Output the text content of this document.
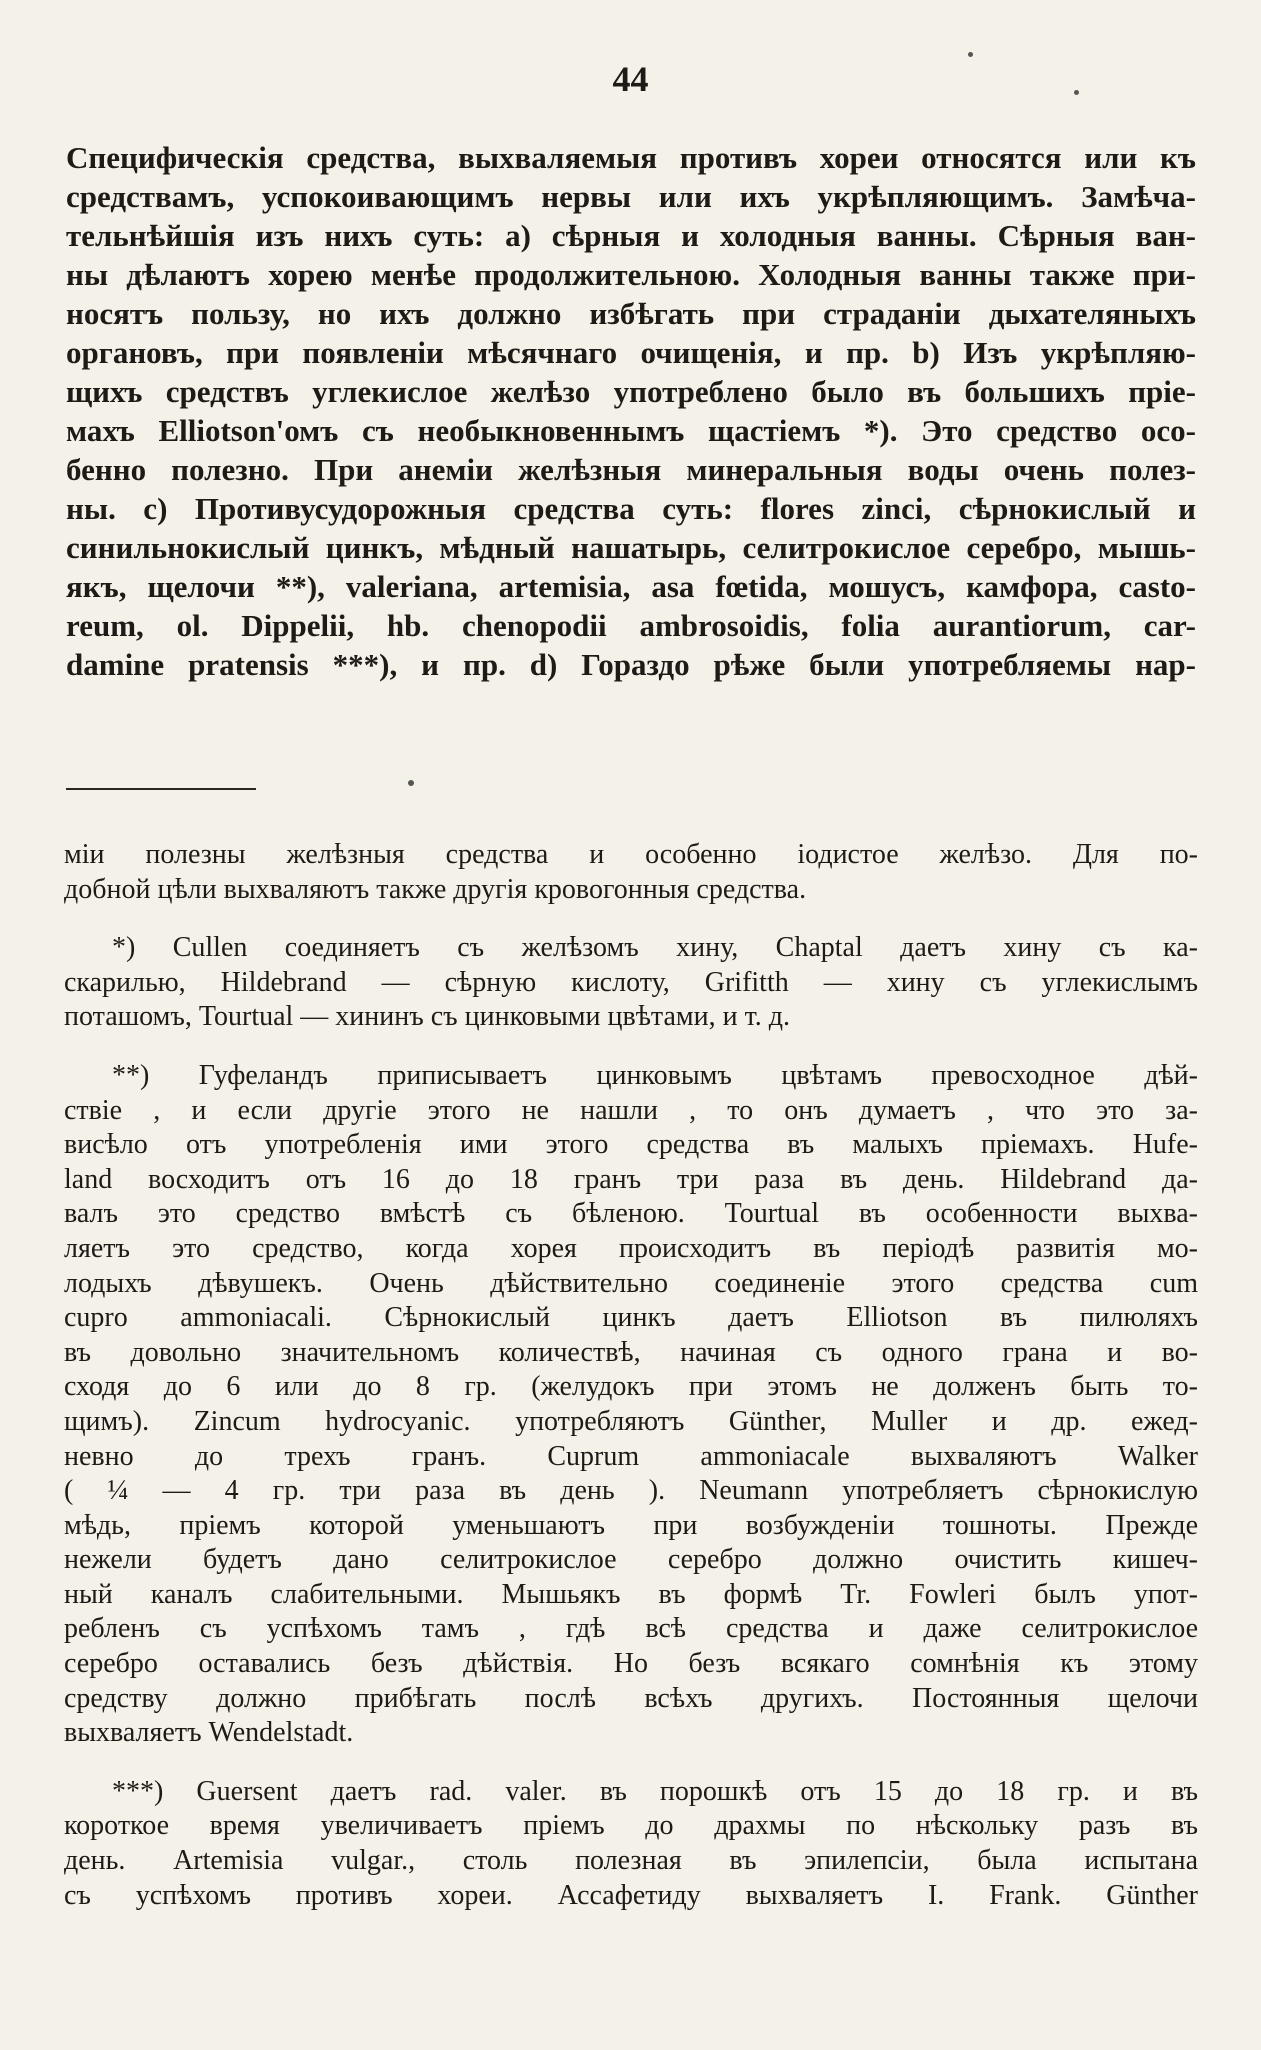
44
Специфическія средства, выхваляемыя противъ хореи относятся или къ
средствамъ, успокоивающимъ нервы или ихъ укрѣпляющимъ. Замѣча-
тельнѣйшія изъ нихъ суть: a) сѣрныя и холодныя ванны. Сѣрныя ван-
ны дѣлаютъ хорею менѣе продолжительною. Холодныя ванны также при-
носятъ пользу, но ихъ должно избѣгать при страданіи дыхателяныхъ
органовъ, при появленіи мѣсячнаго очищенія, и пр. b) Изъ укрѣпляю-
щихъ средствъ углекислое желѣзо употреблено было въ большихъ пріе-
махъ Elliotson'омъ съ необыкновеннымъ щастіемъ *). Это средство осо-
бенно полезно. При анеміи желѣзныя минеральныя воды очень полез-
ны. c) Противусудорожныя средства суть: flores zinci, сѣрнокислый и
синильнокислый цинкъ, мѣдный нашатырь, селитрокислое серебро, мышь-
якъ, щелочи **), valeriana, artemisia, asa fœtida, мошусъ, камфора, casto-
reum, ol. Dippelii, hb. chenopodii ambrosoidis, folia aurantiorum, car-
damine pratensis ***), и пр. d) Гораздо рѣже были употребляемы нар-
міи полезны желѣзныя средства и особенно іодистое желѣзо. Для по-
добной цѣли выхваляютъ также другія кровогонныя средства.
*) Cullen соединяетъ съ желѣзомъ хину, Chaptal даетъ хину съ ка-
скарилью, Hildebrand — сѣрную кислоту, Grifitth — хину съ углекислымъ
поташомъ, Tourtual — хининъ съ цинковыми цвѣтами, и т. д.
**) Гуфеландъ приписываетъ цинковымъ цвѣтамъ превосходное дѣй-
ствіе , и если другіе этого не нашли , то онъ думаетъ , что это за-
висѣло отъ употребленія ими этого средства въ малыхъ пріемахъ. Hufe-
land восходитъ отъ 16 до 18 гранъ три раза въ день. Hildebrand да-
валъ это средство вмѣстѣ съ бѣленою. Tourtual въ особенности выхва-
ляетъ это средство, когда хорея происходитъ въ періодѣ развитія мо-
лодыхъ дѣвушекъ. Очень дѣйствительно соединеніе этого средства cum
cupro ammoniacali. Сѣрнокислый цинкъ даетъ Elliotson въ пилюляхъ
въ довольно значительномъ количествѣ, начиная съ одного грана и во-
сходя до 6 или до 8 гр. (желудокъ при этомъ не долженъ быть то-
щимъ). Zincum hydrocyanic. употребляютъ Günther, Muller и др. ежед-
невно до трехъ гранъ. Cuprum ammoniacale выхваляютъ Walker
( ¼ — 4 гр. три раза въ день ). Neumann употребляетъ сѣрнокислую
мѣдь, пріемъ которой уменьшаютъ при возбужденіи тошноты. Прежде
нежели будетъ дано селитрокислое серебро должно очистить кишеч-
ный каналъ слабительными. Мышьякъ въ формѣ Tr. Fowleri былъ упот-
ребленъ съ успѣхомъ тамъ , гдѣ всѣ средства и даже селитрокислое
серебро оставались безъ дѣйствія. Но безъ всякаго сомнѣнія къ этому
средству должно прибѣгать послѣ всѣхъ другихъ. Постоянныя щелочи
выхваляетъ Wendelstadt.
***) Guersent даетъ rad. valer. въ порошкѣ отъ 15 до 18 гр. и въ
короткое время увеличиваетъ пріемъ до драхмы по нѣскольку разъ въ
день. Artemisia vulgar., столь полезная въ эпилепсіи, была испытана
съ успѣхомъ противъ хореи. Ассафетиду выхваляетъ I. Frank. Günther
